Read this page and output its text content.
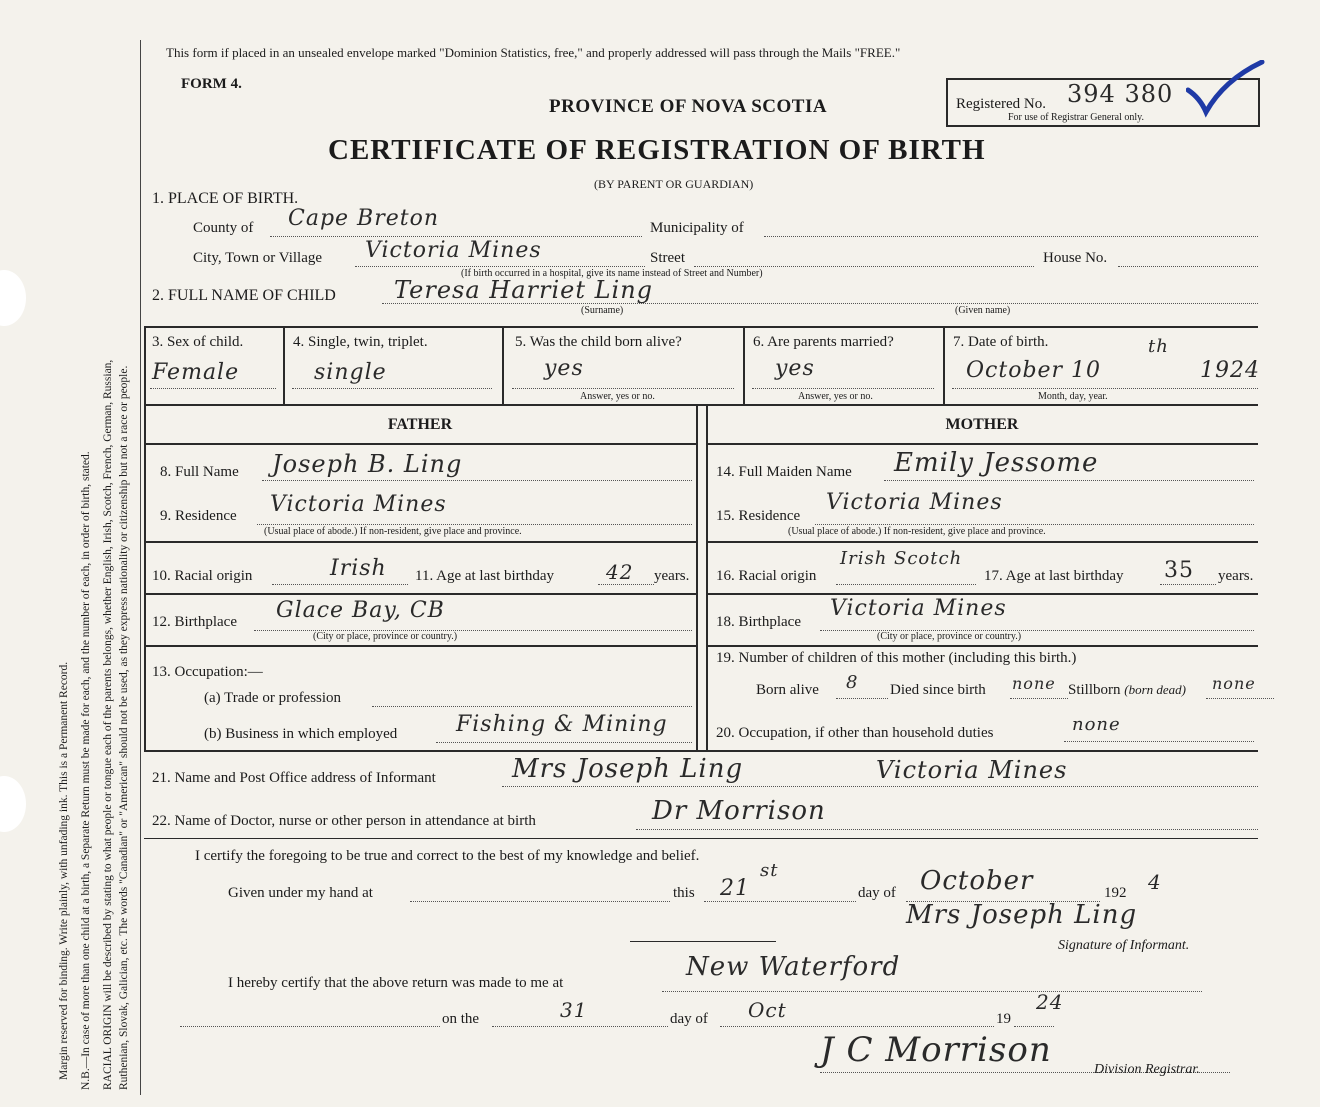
Margin reserved for binding. Write plainly, with unfading ink. This is a Permanent Record. N.B.—In case of more than one child at a birth, a Separate Return must be made for each, and the number of each, in order of birth, stated. RACIAL ORIGIN will be described by stating to what people or tongue each of the parents belongs, whether English, Irish, Scotch, French, German, Russian, Ruthenian, Slovak, Galician, etc. The words "Canadian" or "American" should not be used, as they express nationality or citizenship but not a race or people.
This form if placed in an unsealed envelope marked "Dominion Statistics, free," and properly addressed will pass through the Mails "FREE."
FORM 4.
PROVINCE OF NOVA SCOTIA
CERTIFICATE OF REGISTRATION OF BIRTH
(BY PARENT OR GUARDIAN)
Registered No. 394 380
For use of Registrar General only.
1. PLACE OF BIRTH.
County of Cape Breton	Municipality of
City, Town or Village Victoria Mines	Street	House No.
(If birth occurred in a hospital, give its name instead of Street and Number)
2. FULL NAME OF CHILD Teresa Harriet Ling
(Surname)	(Given name)
3. Sex of child.
Female
4. Single, twin, triplet.
single
5. Was the child born alive?
yes
Answer, yes or no.
6. Are parents married?
yes
Answer, yes or no.
7. Date of birth.
October 10
th
1924
Month, day, year.
FATHER	MOTHER
8. Full Name Joseph B. Ling
9. Residence Victoria Mines
(Usual place of abode.) If non-resident, give place and province.
10. Racial origin	Irish 11. Age at last birthday	42 years.
12. Birthplace Glace Bay, CB
(City or place, province or country.)
13. Occupation:—
(a) Trade or profession
(b) Business in which employed	Fishing & Mining
14. Full Maiden Name Emily Jessome
15. Residence
Victoria Mines
(Usual place of abode.) If non-resident, give place and province.
16. Racial origin
Irish Scotch
17. Age at last birthday 35 years.
18. Birthplace
Victoria Mines
(City or place, province or country.)
19. Number of children of this mother (including this birth.)
Born alive 8 Died since birth none Stillborn (born dead) none
20. Occupation, if other than household duties	none
21. Name and Post Office address of Informant	Mrs Joseph Ling	Victoria Mines
22. Name of Doctor, nurse or other person in attendance at birth	Dr Morrison
I certify the foregoing to be true and correct to the best of my knowledge and belief.
Given under my hand at	this 21
st
day of October	192 4
Mrs Joseph Ling
Signature of Informant.
I hereby certify that the above return was made to me at
New Waterford
on the	31	day of Oct	19
24
J C Morrison	Division Registrar.
